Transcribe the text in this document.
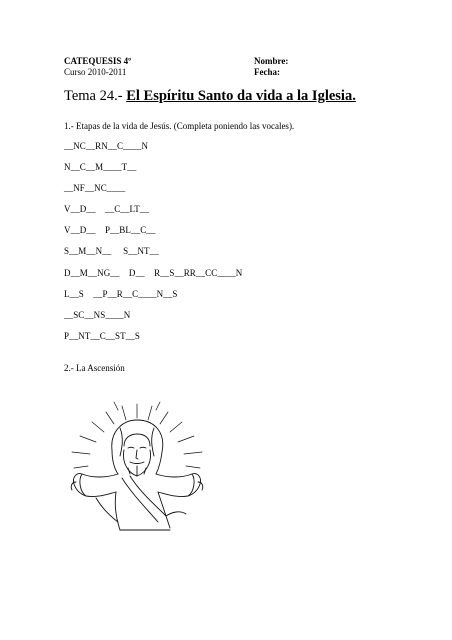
CATEQUESIS 4º
Curso 2010-2011
Nombre:
Fecha:
Tema 24.- El Espíritu Santo da vida a la Iglesia.
1.- Etapas de la vida de Jesús. (Completa poniendo las vocales).
__NC__RN__C____N
N__C__M____T__
__NF__NC____
V__D__    __C__LT__
V__D__    P__BL__C__
S__M__N__     S__NT__
D__M__NG__    D__    R__S__RR__CC____N
L__S    __P__R__C____N__S
__SC__NS____N
P__NT__C__ST__S
2.- La Ascensión
